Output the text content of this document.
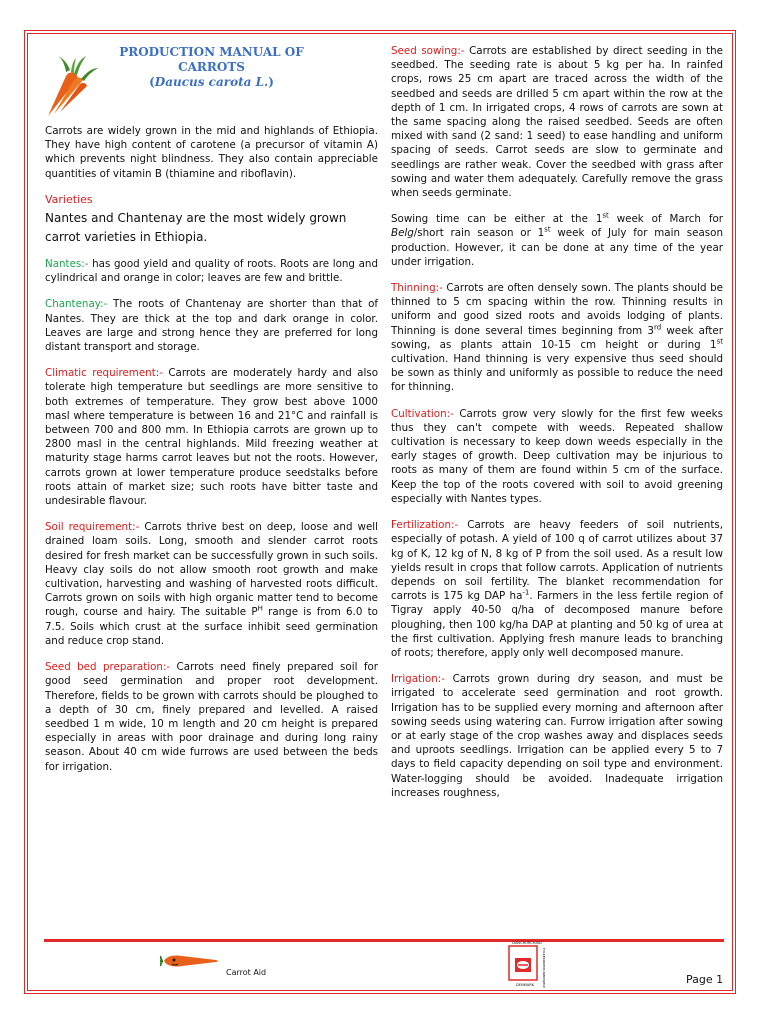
PRODUCTION MANUAL OF CARROTS
(Daucus carota L.)

Carrots are widely grown in the mid and highlands of Ethiopia. They have high content of carotene (a precursor of vitamin A) which prevents night blindness. They also contain appreciable quantities of vitamin B (thiamine and riboflavin).

Varieties
Nantes and Chantenay are the most widely grown carrot varieties in Ethiopia.

Nantes:- has good yield and quality of roots. Roots are long and cylindrical and orange in color; leaves are few and brittle.

Chantenay:- The roots of Chantenay are shorter than that of Nantes. They are thick at the top and dark orange in color. Leaves are large and strong hence they are preferred for long distant transport and storage.

Climatic requirement:- Carrots are moderately hardy and also tolerate high temperature but seedlings are more sensitive to both extremes of temperature. They grow best above 1000 masl where temperature is between 16 and 21°C and rainfall is between 700 and 800 mm. In Ethiopia carrots are grown up to 2800 masl in the central highlands. Mild freezing weather at maturity stage harms carrot leaves but not the roots. However, carrots grown at lower temperature produce seedstalks before roots attain of market size; such roots have bitter taste and undesirable flavour.

Soil requirement:- Carrots thrive best on deep, loose and well drained loam soils. Long, smooth and slender carrot roots desired for fresh market can be successfully grown in such soils. Heavy clay soils do not allow smooth root growth and make cultivation, harvesting and washing of harvested roots difficult. Carrots grown on soils with high organic matter tend to become rough, course and hairy. The suitable $P^H$ range is from 6.0 to 7.5. Soils which crust at the surface inhibit seed germination and reduce crop stand.

Seed bed preparation:- Carrots need finely prepared soil for good seed germination and proper root development. Therefore, fields to be grown with carrots should be ploughed to a depth of 30 cm, finely prepared and levelled. A raised seedbed 1 m wide, 10 m length and 20 cm height is prepared especially in areas with poor drainage and during long rainy season. About 40 cm wide furrows are used between the beds for irrigation.

Seed sowing:- Carrots are established by direct seeding in the seedbed. The seeding rate is about 5 kg per ha. In rainfed crops, rows 25 cm apart are traced across the width of the seedbed and seeds are drilled 5 cm apart within the row at the depth of 1 cm. In irrigated crops, 4 rows of carrots are sown at the same spacing along the raised seedbed. Seeds are often mixed with sand (2 sand: 1 seed) to ease handling and uniform spacing of seeds. Carrot seeds are slow to germinate and seedlings are rather weak. Cover the seedbed with grass after sowing and water them adequately. Carefully remove the grass when seeds germinate.

Sowing time can be either at the 1st week of March for Belg/short rain season or 1st week of July for main season production. However, it can be done at any time of the year under irrigation.

Thinning:- Carrots are often densely sown. The plants should be thinned to 5 cm spacing within the row. Thinning results in uniform and good sized roots and avoids lodging of plants. Thinning is done several times beginning from 3rd week after sowing, as plants attain 10-15 cm height or during 1st cultivation. Hand thinning is very expensive thus seed should be sown as thinly and uniformly as possible to reduce the need for thinning.

Cultivation:- Carrots grow very slowly for the first few weeks thus they can't compete with weeds. Repeated shallow cultivation is necessary to keep down weeds especially in the early stages of growth. Deep cultivation may be injurious to roots as many of them are found within 5 cm of the surface. Keep the top of the roots covered with soil to avoid greening especially with Nantes types.

Fertilization:- Carrots are heavy feeders of soil nutrients, especially of potash. A yield of 100 q of carrot utilizes about 37 kg of K, 12 kg of N, 8 kg of P from the soil used. As a result low yields result in crops that follow carrots. Application of nutrients depends on soil fertility. The blanket recommendation for carrots is 175 kg DAP $ha^{-1}$. Farmers in the less fertile region of Tigray apply 40-50 q/ha of decomposed manure before ploughing, then 100 kg/ha DAP at planting and 50 kg of urea at the first cultivation. Applying fresh manure leads to branching of roots; therefore, apply only well decomposed manure.

Irrigation:- Carrots grown during dry season, and must be irrigated to accelerate seed germination and root growth. Irrigation has to be supplied every morning and afternoon after sowing seeds using watering can. Furrow irrigation after sowing or at early stage of the crop washes away and displaces seeds and uproots seedlings. Irrigation can be applied every 5 to 7 days to field capacity depending on soil type and environment. Water-logging should be avoided. Inadequate irrigation increases roughness,

Carrot Aid
DANCHURCHAID
FOLKEKIRKENS NØDHJÆLP
DENMARK	Page 1
